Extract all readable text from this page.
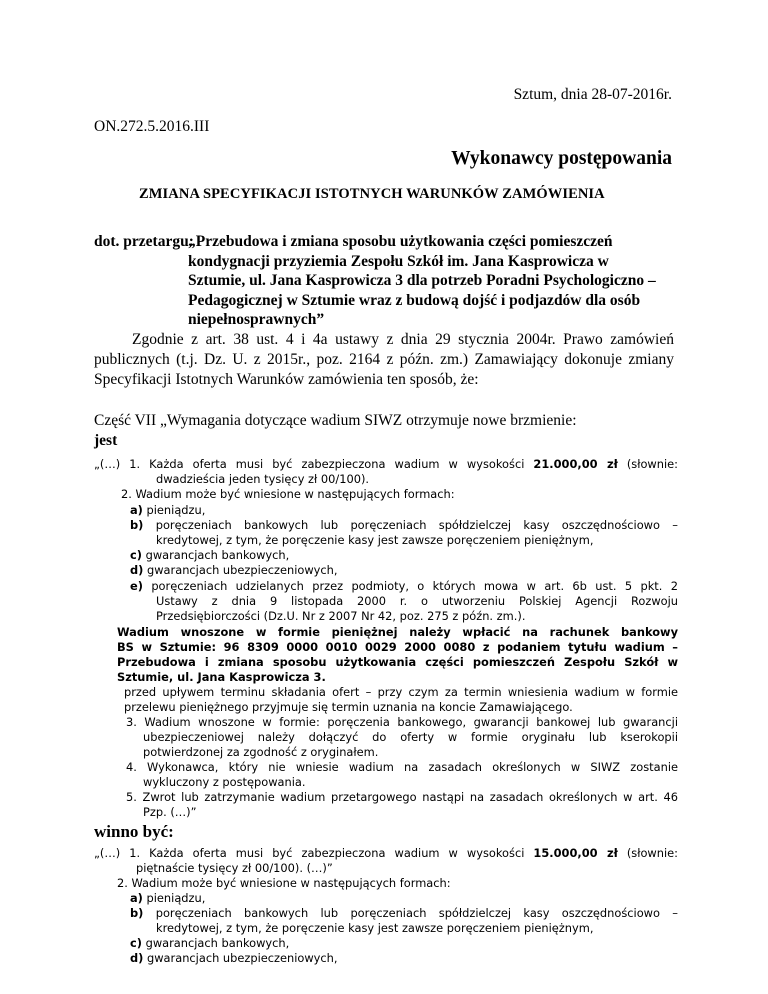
Sztum, dnia 28-07-2016r.
ON.272.5.2016.III
Wykonawcy postępowania
ZMIANA SPECYFIKACJI ISTOTNYCH WARUNKÓW ZAMÓWIENIA
dot. przetargu:
„Przebudowa i zmiana sposobu użytkowania części pomieszczeń
kondygnacji przyziemia Zespołu Szkół im. Jana Kasprowicza w
Sztumie, ul. Jana Kasprowicza 3 dla potrzeb Poradni Psychologiczno –
Pedagogicznej w Sztumie wraz z budową dojść i podjazdów dla osób
niepełnosprawnych”
Zgodnie z art. 38 ust. 4 i 4a ustawy z dnia 29 stycznia 2004r. Prawo zamówień publicznych (t.j. Dz. U. z 2015r., poz. 2164 z późn. zm.) Zamawiający dokonuje zmiany Specyfikacji Istotnych Warunków zamówienia ten sposób, że:
Część VII „Wymagania dotyczące wadium SIWZ otrzymuje nowe brzmienie:
jest
„(…) 1. Każda oferta musi być zabezpieczona wadium w wysokości 21.000,00 zł (słownie:
dwadzieścia jeden tysięcy zł 00/100).
2. Wadium może być wniesione w następujących formach:
a) pieniądzu,
b) poręczeniach bankowych lub poręczeniach spółdzielczej kasy oszczędnościowo –
kredytowej, z tym, że poręczenie kasy jest zawsze poręczeniem pieniężnym,
c) gwarancjach bankowych,
d) gwarancjach ubezpieczeniowych,
e) poręczeniach udzielanych przez podmioty, o których mowa w art. 6b ust. 5 pkt. 2
Ustawy z dnia 9 listopada 2000 r. o utworzeniu Polskiej Agencji Rozwoju
Przedsiębiorczości (Dz.U. Nr z 2007 Nr 42, poz. 275 z późn. zm.).
Wadium wnoszone w formie pieniężnej należy wpłacić na rachunek bankowy
BS w Sztumie: 96 8309 0000 0010 0029 2000 0080 z podaniem tytułu wadium –
Przebudowa i zmiana sposobu użytkowania części pomieszczeń Zespołu Szkół w
Sztumie, ul. Jana Kasprowicza 3.
przed upływem terminu składania ofert – przy czym za termin wniesienia wadium w formie
przelewu pieniężnego przyjmuje się termin uznania na koncie Zamawiającego.
winno być:
„(…) 1. Każda oferta musi być zabezpieczona wadium w wysokości 15.000,00 zł (słownie:
piętnaście tysięcy zł 00/100). (…)”
2. Wadium może być wniesione w następujących formach:
a) pieniądzu,
b) poręczeniach bankowych lub poręczeniach spółdzielczej kasy oszczędnościowo –
kredytowej, z tym, że poręczenie kasy jest zawsze poręczeniem pieniężnym,
c) gwarancjach bankowych,
d) gwarancjach ubezpieczeniowych,
3. Wadium wnoszone w formie: poręczenia bankowego, gwarancji bankowej lub gwarancji
ubezpieczeniowej należy dołączyć do oferty w formie oryginału lub kserokopii
potwierdzonej za zgodność z oryginałem.
4. Wykonawca, który nie wniesie wadium na zasadach określonych w SIWZ zostanie
wykluczony z postępowania.
5. Zwrot lub zatrzymanie wadium przetargowego nastąpi na zasadach określonych w art. 46
Pzp. (…)”
